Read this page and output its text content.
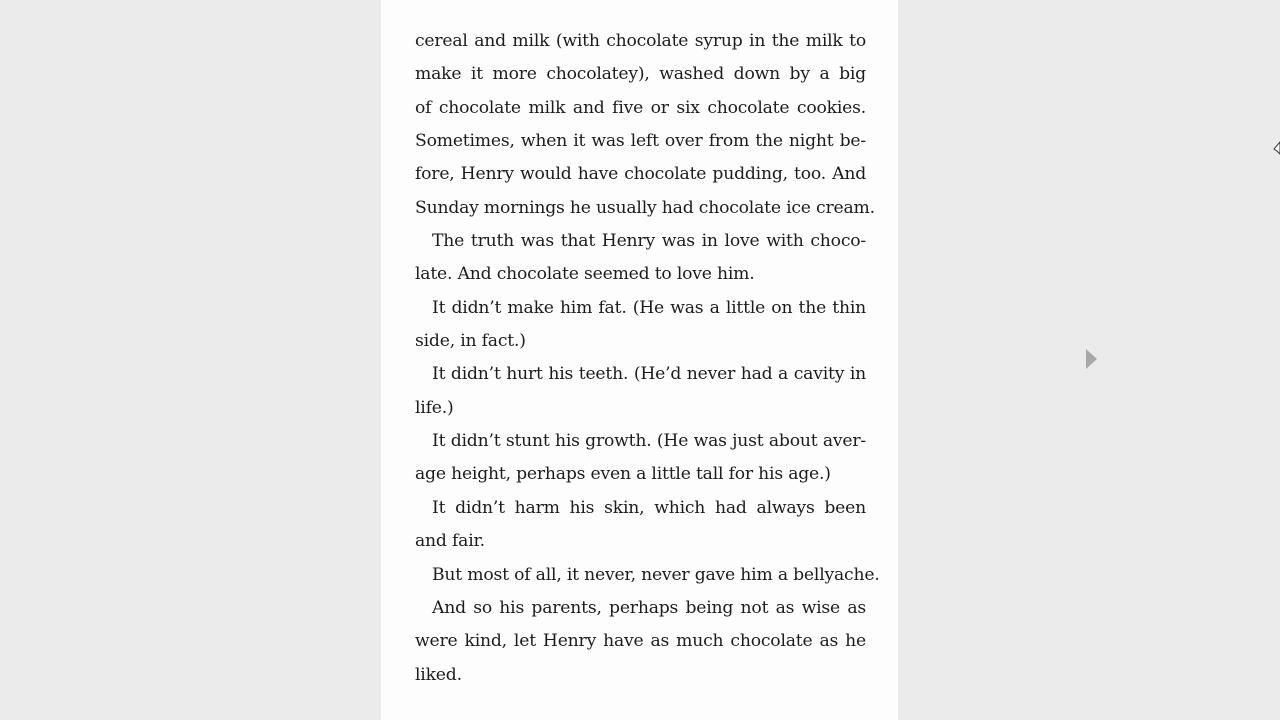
cereal and milk (with chocolate syrup in the milk to
make it more chocolatey), washed down by a big
of chocolate milk and five or six chocolate cookies.
Sometimes, when it was left over from the night be-
fore, Henry would have chocolate pudding, too. And
Sunday mornings he usually had chocolate ice cream.
The truth was that Henry was in love with choco-
late. And chocolate seemed to love him.
It didn’t make him fat. (He was a little on the thin
side, in fact.)
It didn’t hurt his teeth. (He’d never had a cavity in
life.)
It didn’t stunt his growth. (He was just about aver-
age height, perhaps even a little tall for his age.)
It didn’t harm his skin, which had always been
and fair.
But most of all, it never, never gave him a bellyache.
And so his parents, perhaps being not as wise as
were kind, let Henry have as much chocolate as he
liked.
